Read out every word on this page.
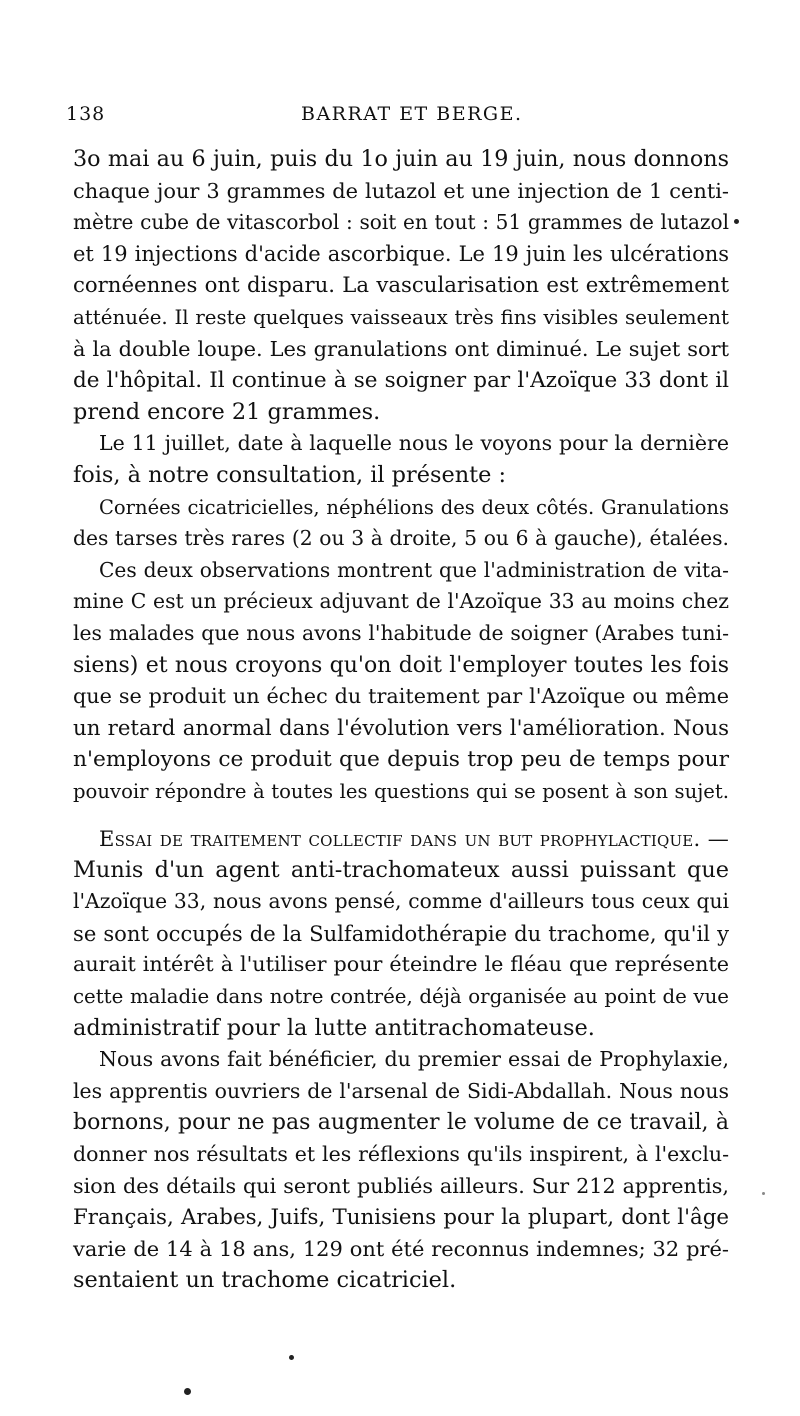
138	BARRAT ET BERGE.
3o mai au 6 juin, puis du 1o juin au 19 juin, nous donnons
chaque jour 3 grammes de lutazol et une injection de 1 centi-
mètre cube de vitascorbol : soit en tout : 51 grammes de lutazol
et 19 injections d'acide ascorbique. Le 19 juin les ulcérations
cornéennes ont disparu. La vascularisation est extrêmement
atténuée. Il reste quelques vaisseaux très fins visibles seulement
à la double loupe. Les granulations ont diminué. Le sujet sort
de l'hôpital. Il continue à se soigner par l'Azoïque 33 dont il
prend encore 21 grammes.
Le 11 juillet, date à laquelle nous le voyons pour la dernière
fois, à notre consultation, il présente :
Cornées cicatricielles, néphélions des deux côtés. Granulations
des tarses très rares (2 ou 3 à droite, 5 ou 6 à gauche), étalées.
Ces deux observations montrent que l'administration de vita-
mine C est un précieux adjuvant de l'Azoïque 33 au moins chez
les malades que nous avons l'habitude de soigner (Arabes tuni-
siens) et nous croyons qu'on doit l'employer toutes les fois
que se produit un échec du traitement par l'Azoïque ou même
un retard anormal dans l'évolution vers l'amélioration. Nous
n'employons ce produit que depuis trop peu de temps pour
pouvoir répondre à toutes les questions qui se posent à son sujet.
Essai de traitement collectif dans un but prophylactique. —
Munis d'un agent anti-trachomateux aussi puissant que
l'Azoïque 33, nous avons pensé, comme d'ailleurs tous ceux qui
se sont occupés de la Sulfamidothérapie du trachome, qu'il y
aurait intérêt à l'utiliser pour éteindre le fléau que représente
cette maladie dans notre contrée, déjà organisée au point de vue
administratif pour la lutte antitrachomateuse.
Nous avons fait bénéficier, du premier essai de Prophylaxie,
les apprentis ouvriers de l'arsenal de Sidi-Abdallah. Nous nous
bornons, pour ne pas augmenter le volume de ce travail, à
donner nos résultats et les réflexions qu'ils inspirent, à l'exclu-
sion des détails qui seront publiés ailleurs. Sur 212 apprentis,
Français, Arabes, Juifs, Tunisiens pour la plupart, dont l'âge
varie de 14 à 18 ans, 129 ont été reconnus indemnes; 32 pré-
sentaient un trachome cicatriciel.
